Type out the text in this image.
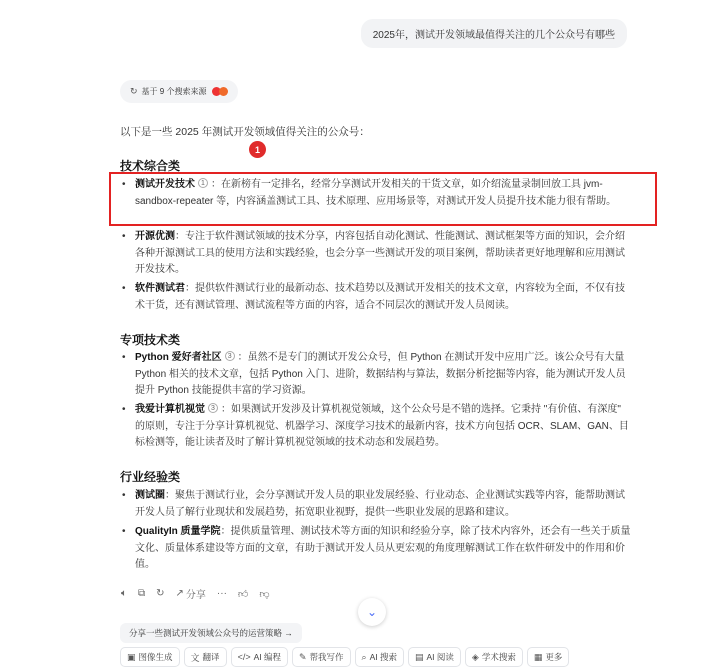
2025年，测试开发领域最值得关注的几个公众号有哪些
↻ 基于 9 个搜索来源
以下是一些 2025 年测试开发领域值得关注的公众号：
技术综合类
• 测试开发技术 1 ：在新榜有一定排名，经常分享测试开发相关的干货文章，如介绍流量录制回放工具 jvm-sandbox-repeater 等，内容涵盖测试工具、技术原理、应用场景等，对测试开发人员提升技术能力很有帮助。
• 开源优测：专注于软件测试领域的技术分享，内容包括自动化测试、性能测试、测试框架等方面的知识，会介绍各种开源测试工具的使用方法和实践经验，也会分享一些测试开发的项目案例，帮助读者更好地理解和应用测试开发技术。
• 软件测试君：提供软件测试行业的最新动态、技术趋势以及测试开发相关的技术文章，内容较为全面，不仅有技术干货，还有测试管理、测试流程等方面的内容，适合不同层次的测试开发人员阅读。
专项技术类
• Python 爱好者社区 3 ：虽然不是专门的测试开发公众号，但 Python 在测试开发中应用广泛。该公众号有大量 Python 相关的技术文章，包括 Python 入门、进阶，数据结构与算法，数据分析挖掘等内容，能为测试开发人员提升 Python 技能提供丰富的学习资源。
• 我爱计算机视觉 3 ：如果测试开发涉及计算机视觉领域，这个公众号是不错的选择。它秉持 "有价值、有深度" 的原则，专注于分享计算机视觉、机器学习、深度学习技术的最新内容，技术方向包括 OCR、SLAM、GAN、目标检测等，能让读者及时了解计算机视觉领域的技术动态和发展趋势。
行业经验类
• 测试圈：聚焦于测试行业，会分享测试开发人员的职业发展经验、行业动态、企业测试实践等内容，能帮助测试开发人员了解行业现状和发展趋势，拓宽职业视野，提供一些职业发展的思路和建议。
• QualityIn 质量学院：提供质量管理、测试技术等方面的知识和经验分享，除了技术内容外，还会有一些关于质量文化、质量体系建设等方面的文章，有助于测试开发人员从更宏观的角度理解测试工作在软件研发中的作用和价值。
1
🔈︎ ⧉ ↻ ↗ 分享 ··· 👍︎ 👎︎
⌄
分享一些测试开发领域公众号的运营策略 →
▣ 图像生成 文 翻译 </> AI 编程 ✎ 帮我写作 ⌕ AI 搜索 ▤ AI 阅读 ◈ 学术搜索 ▦ 更多
